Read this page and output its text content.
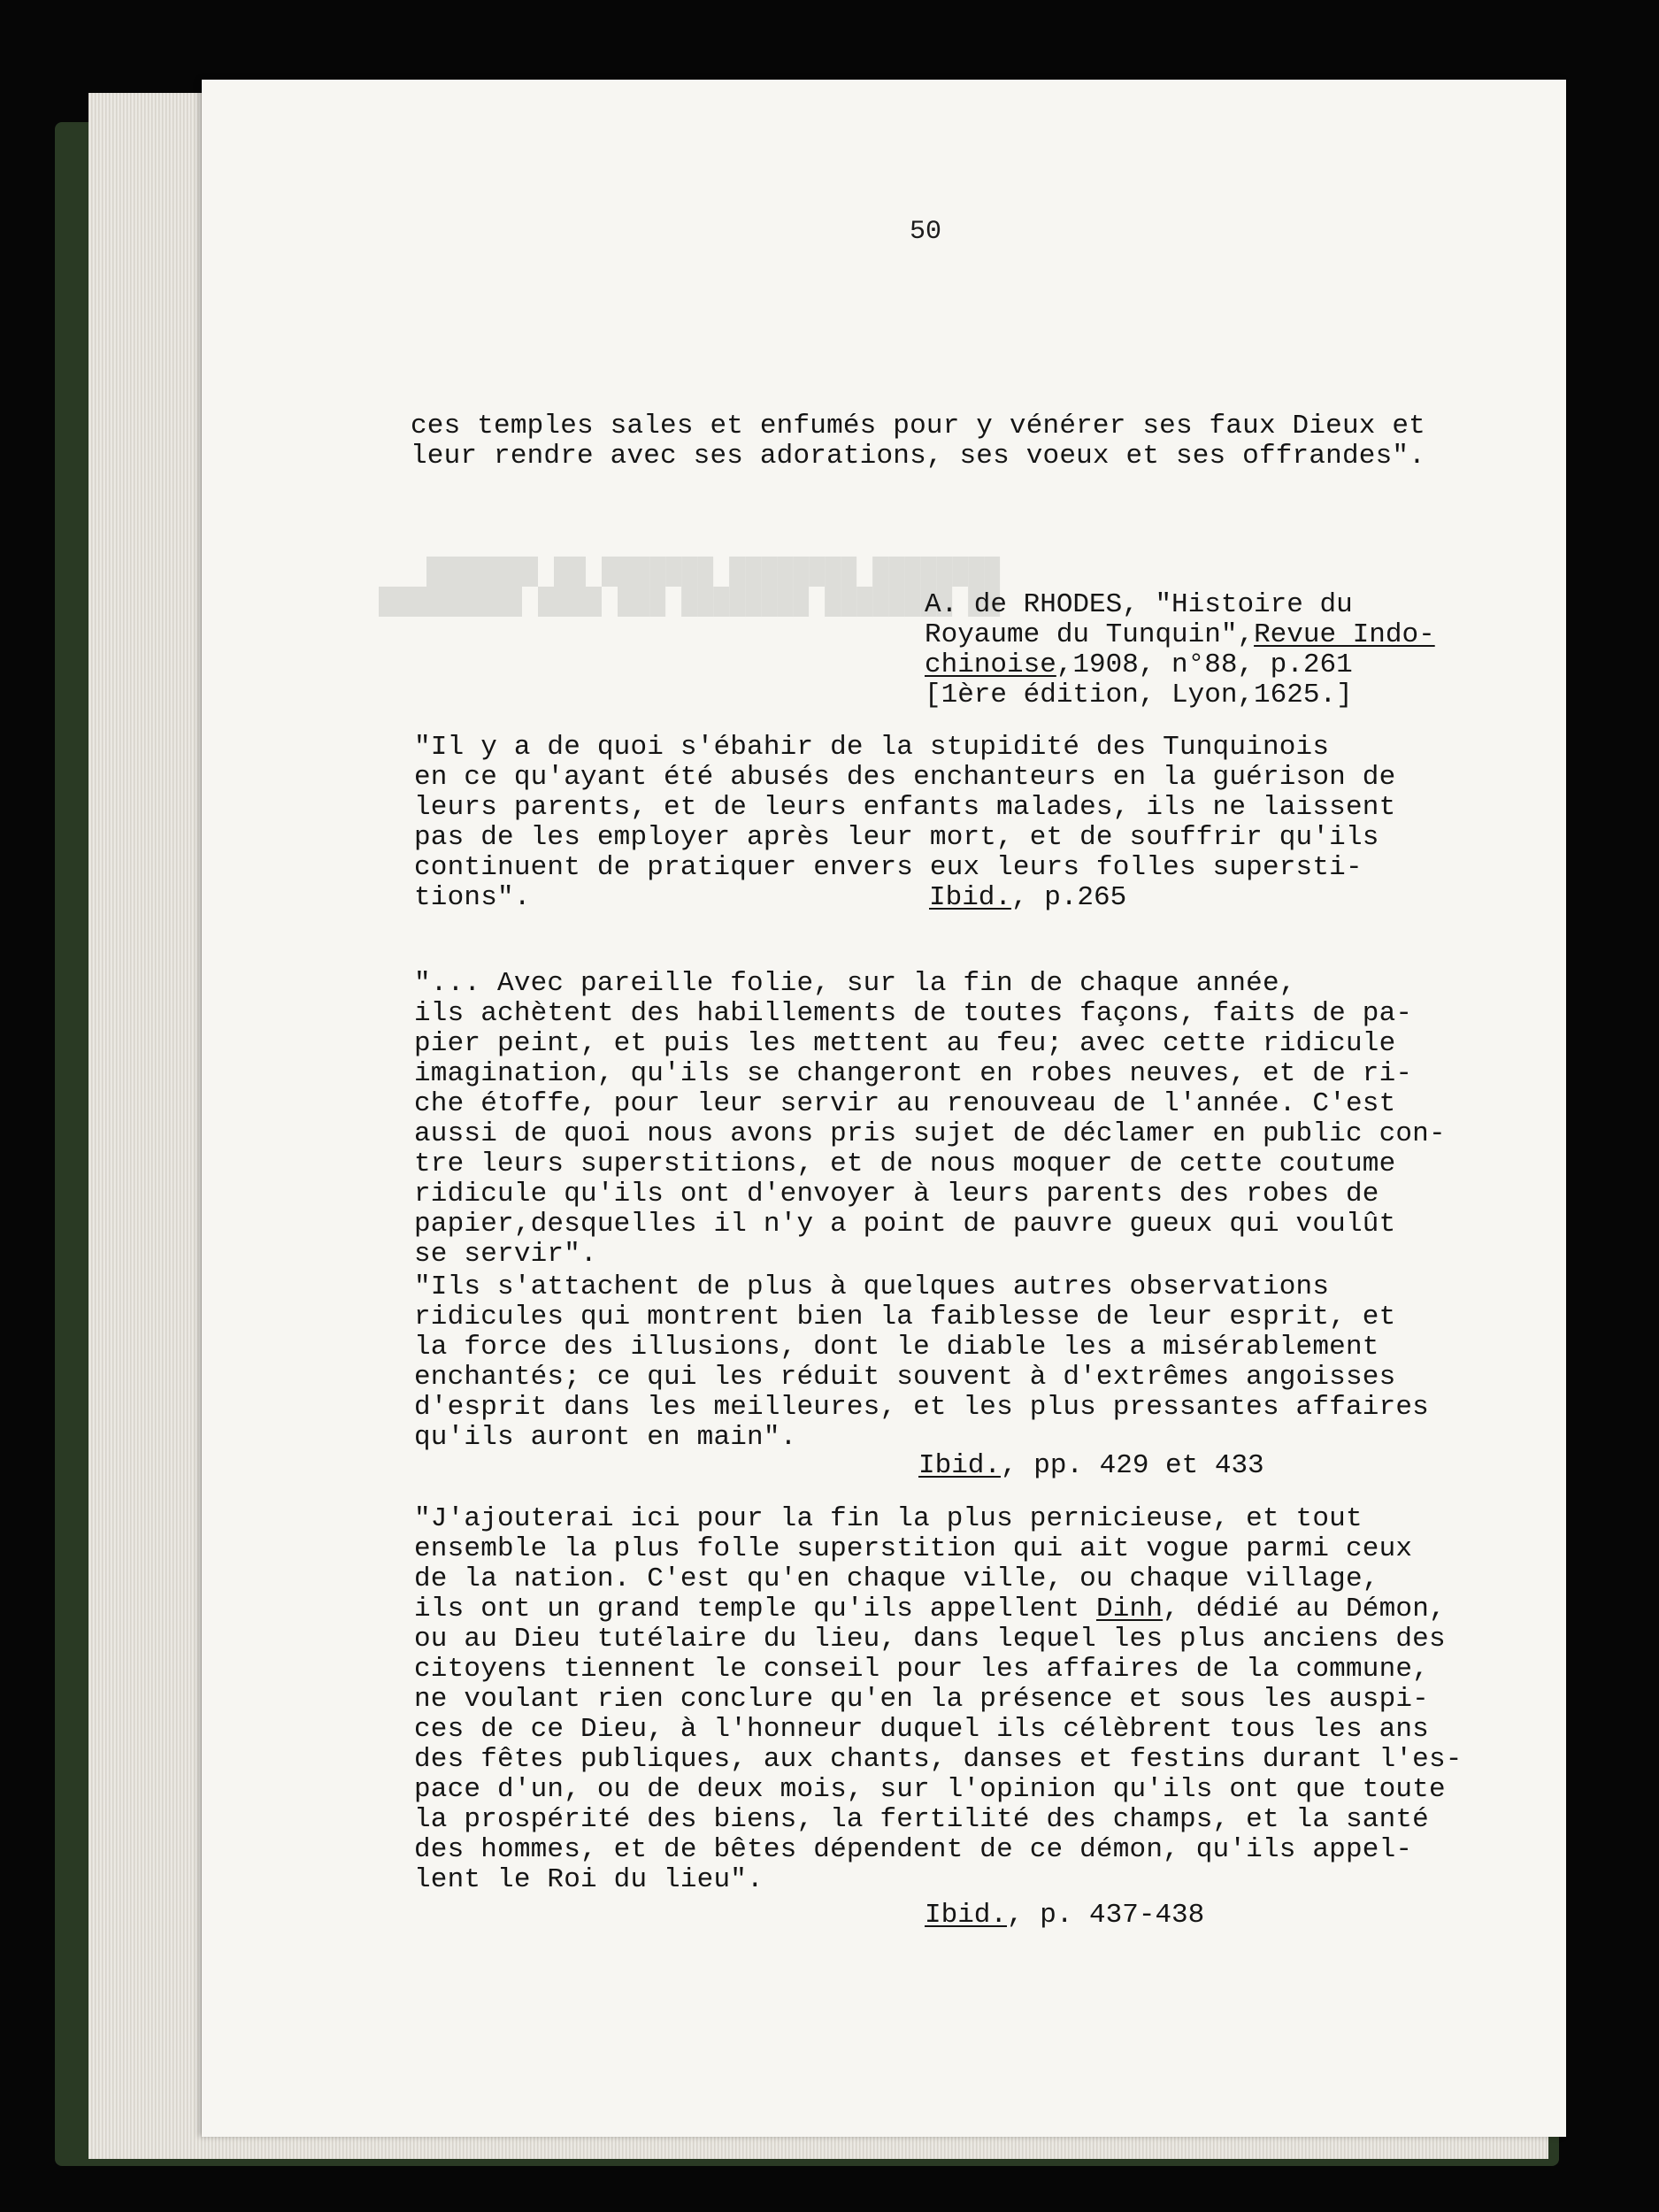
████████ ████████ ███████ ██ ███████
██ ████████ ████████ ███ ████ █████████
50
ces temples sales et enfumés pour y vénérer ses faux Dieux et
leur rendre avec ses adorations, ses voeux et ses offrandes".
A. de RHODES, "Histoire du
Royaume du Tunquin",Revue Indo-
chinoise,1908, n°88, p.261
[1ère édition, Lyon,1625.]
"Il y a de quoi s'ébahir de la stupidité des Tunquinois
en ce qu'ayant été abusés des enchanteurs en la guérison de
leurs parents, et de leurs enfants malades, ils ne laissent
pas de les employer après leur mort, et de souffrir qu'ils
continuent de pratiquer envers eux leurs folles supersti-
tions".	Ibid., p.265
"... Avec pareille folie, sur la fin de chaque année,
ils achètent des habillements de toutes façons, faits de pa-
pier peint, et puis les mettent au feu; avec cette ridicule
imagination, qu'ils se changeront en robes neuves, et de ri-
che étoffe, pour leur servir au renouveau de l'année. C'est
aussi de quoi nous avons pris sujet de déclamer en public con-
tre leurs superstitions, et de nous moquer de cette coutume
ridicule qu'ils ont d'envoyer à leurs parents des robes de
papier,desquelles il n'y a point de pauvre gueux qui voulût
se servir".
"Ils s'attachent de plus à quelques autres observations
ridicules qui montrent bien la faiblesse de leur esprit, et
la force des illusions, dont le diable les a misérablement
enchantés; ce qui les réduit souvent à d'extrêmes angoisses
d'esprit dans les meilleures, et les plus pressantes affaires
qu'ils auront en main".
Ibid., pp. 429 et 433
"J'ajouterai ici pour la fin la plus pernicieuse, et tout
ensemble la plus folle superstition qui ait vogue parmi ceux
de la nation. C'est qu'en chaque ville, ou chaque village,
ils ont un grand temple qu'ils appellent Dinh, dédié au Démon,
ou au Dieu tutélaire du lieu, dans lequel les plus anciens des
citoyens tiennent le conseil pour les affaires de la commune,
ne voulant rien conclure qu'en la présence et sous les auspi-
ces de ce Dieu, à l'honneur duquel ils célèbrent tous les ans
des fêtes publiques, aux chants, danses et festins durant l'es-
pace d'un, ou de deux mois, sur l'opinion qu'ils ont que toute
la prospérité des biens, la fertilité des champs, et la santé
des hommes, et de bêtes dépendent de ce démon, qu'ils appel-
lent le Roi du lieu".
Ibid., p. 437-438
